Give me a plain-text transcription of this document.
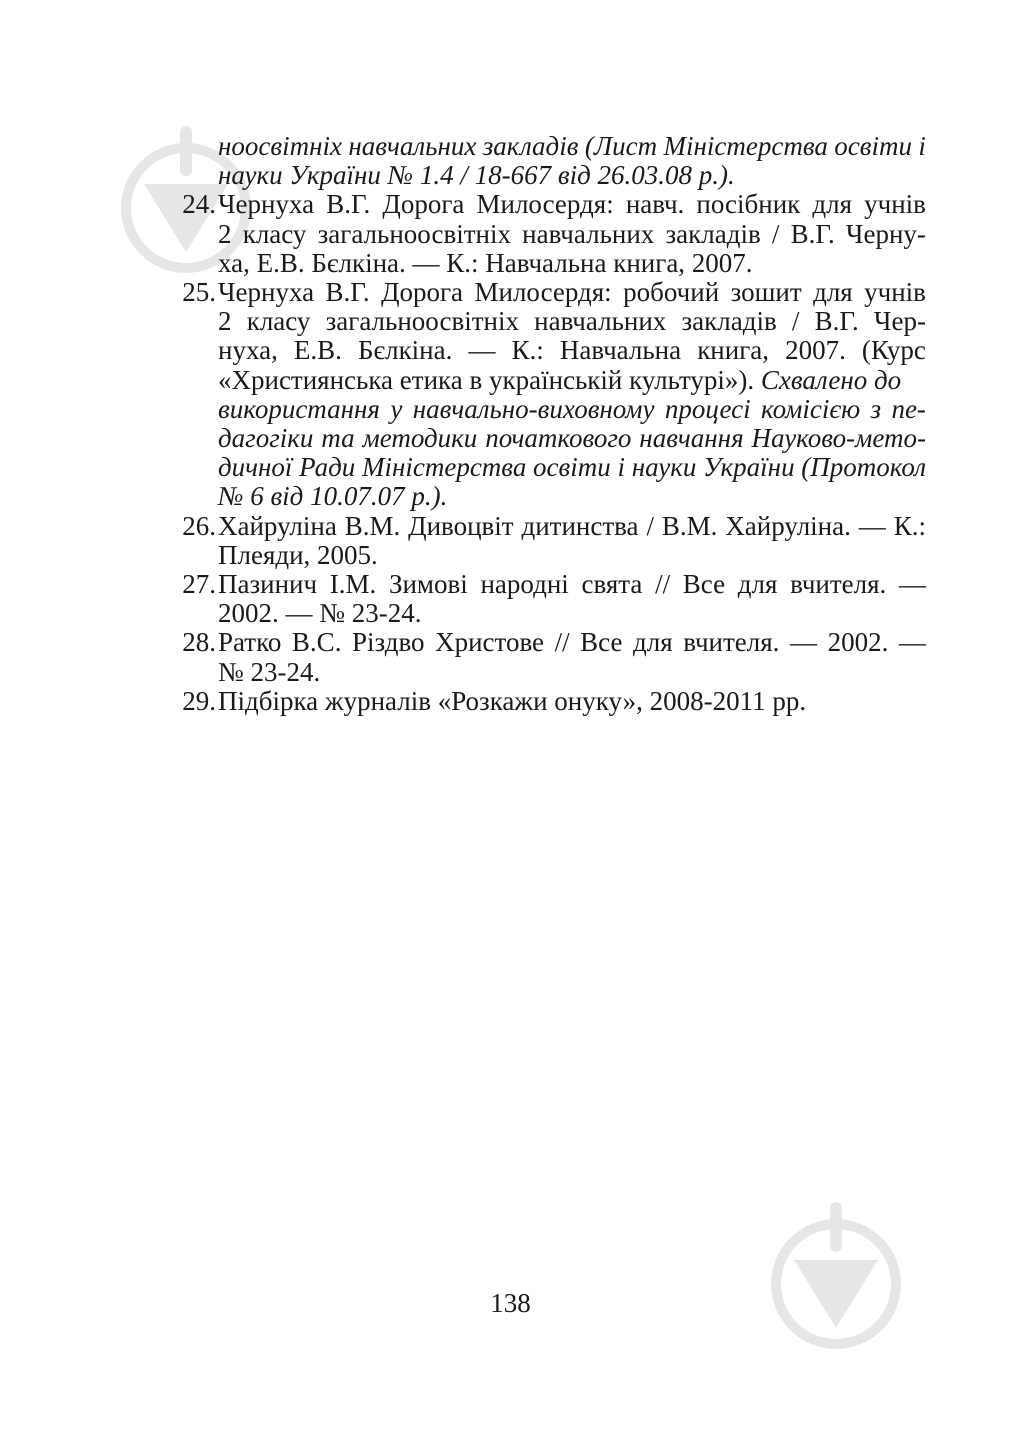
ноосвітніх навчальних закладів (Лист Міністерства освіти і
науки України № 1.4 / 18-667 від 26.03.08 р.).
24. Чернуха В.Г. Дорога Милосердя: навч. посібник для учнів
2 класу загальноосвітніх навчальних закладів / В.Г. Черну-
ха, Е.В. Бєлкіна. — К.: Навчальна книга, 2007.
25. Чернуха В.Г. Дорога Милосердя: робочий зошит для учнів
2 класу загальноосвітніх навчальних закладів / В.Г. Чер-
нуха, Е.В. Бєлкіна. — К.: Навчальна книга, 2007. (Курс
«Християнська етика в українській культурі»). Схвалено до
використання у навчально-виховному процесі комісією з пе-
дагогіки та методики початкового навчання Науково-мето-
дичної Ради Міністерства освіти і науки України (Протокол
№ 6 від 10.07.07 р.).
26. Хайруліна В.М. Дивоцвіт дитинства / В.М. Хайруліна. — К.:
Плеяди, 2005.
27. Пазинич І.М. Зимові народні свята // Все для вчителя. —
2002. — № 23-24.
28. Ратко В.С. Різдво Христове // Все для вчителя. — 2002. —
№ 23-24.
29. Підбірка журналів «Розкажи онуку», 2008-2011 рр.
138
